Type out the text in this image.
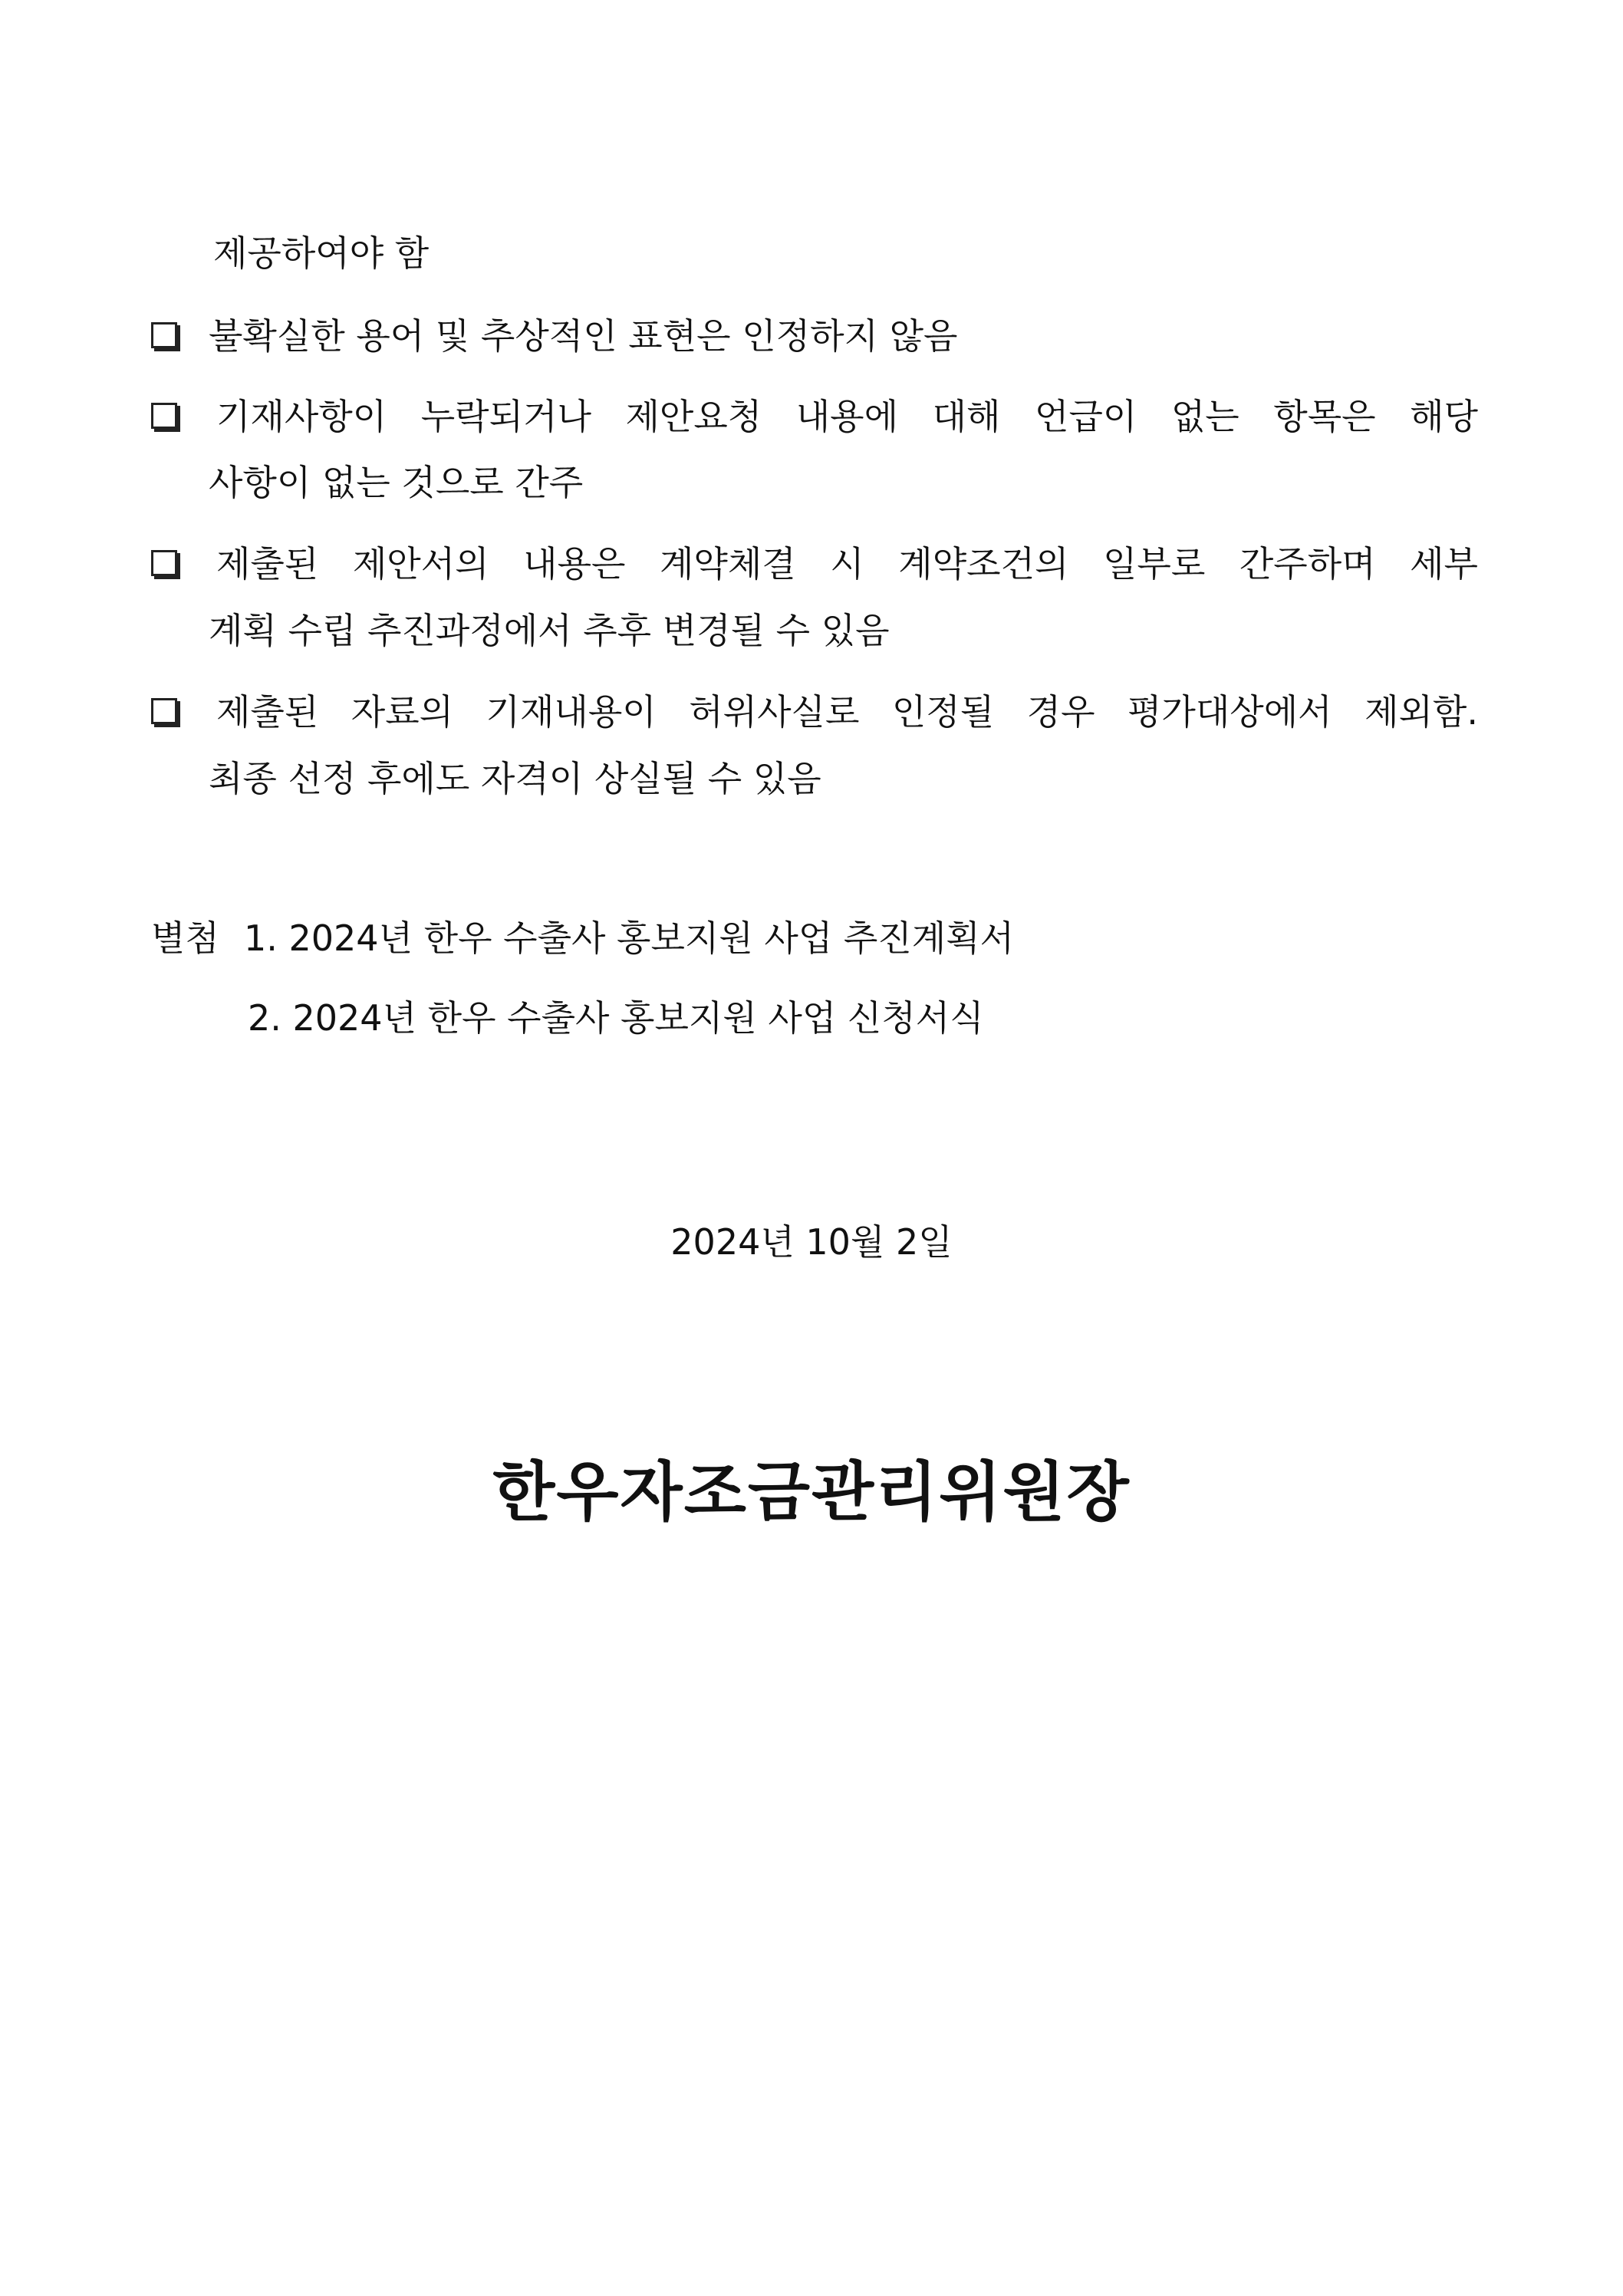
제공하여야 함
불확실한 용어 및 추상적인 표현은 인정하지 않음
기재사항이 누락되거나 제안요청 내용에 대해 언급이 없는 항목은 해당
사항이 없는 것으로 간주
제출된 제안서의 내용은 계약체결 시 계약조건의 일부로 간주하며 세부
계획 수립 추진과정에서 추후 변경될 수 있음
제출된 자료의 기재내용이 허위사실로 인정될 경우 평가대상에서 제외함.
최종 선정 후에도 자격이 상실될 수 있음
별첨 1. 2024년 한우 수출사 홍보지원 사업 추진계획서
2. 2024년 한우 수출사 홍보지원 사업 신청서식
2024년 10월 2일
한우자조금관리위원장
